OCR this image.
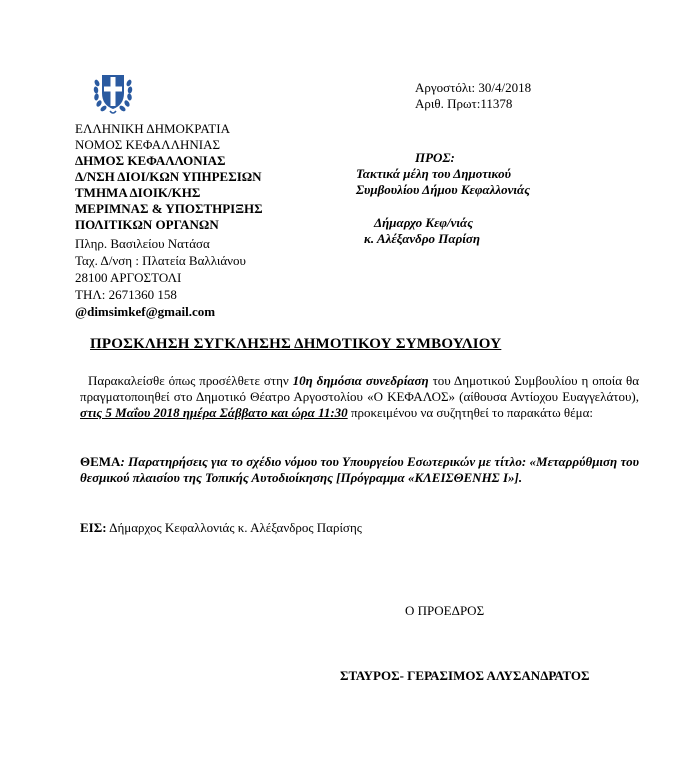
Αργοστόλι: 30/4/2018
Αριθ. Πρωτ:11378
ΕΛΛΗΝΙΚΗ ΔΗΜΟΚΡΑΤΙΑ
ΝΟΜΟΣ ΚΕΦΑΛΛΗΝΙΑΣ
ΔΗΜΟΣ ΚΕΦΑΛΛΟΝΙΑΣ
Δ/ΝΣΗ ΔΙΟΙ/ΚΩΝ ΥΠΗΡΕΣΙΩΝ
ΤΜΗΜΑ ΔΙΟΙΚ/ΚΗΣ
ΜΕΡΙΜΝΑΣ & ΥΠΟΣΤΗΡΙΞΗΣ
ΠΟΛΙΤΙΚΩΝ ΟΡΓΑΝΩΝ
Πληρ. Βασιλείου Νατάσα
Ταχ. Δ/νση : Πλατεία Βαλλιάνου
28100 ΑΡΓΟΣΤΟΛΙ
ΤΗΛ: 2671360 158
@dimsimkef@gmail.com
ΠΡΟΣ:
Τακτικά μέλη του Δημοτικού
Συμβουλίου Δήμου Κεφαλλονιάς
Δήμαρχο Κεφ/νιάς
κ. Αλέξανδρο Παρίση
ΠΡΟΣΚΛΗΣΗ ΣΥΓΚΛΗΣΗΣ ΔΗΜΟΤΙΚΟΥ ΣΥΜΒΟΥΛΙΟΥ
Παρακαλείσθε όπως προσέλθετε στην 10η δημόσια συνεδρίαση του Δημοτικού Συμβουλίου η οποία θα πραγματοποιηθεί στο Δημοτικό Θέατρο Αργοστολίου «Ο ΚΕΦΑΛΟΣ» (αίθουσα Αντίοχου Ευαγγελάτου), στις 5 Μαΐου 2018 ημέρα Σάββατο και ώρα 11:30 προκειμένου να συζητηθεί το παρακάτω θέμα:
ΘΕΜΑ: Παρατηρήσεις για το σχέδιο νόμου του Υπουργείου Εσωτερικών με τίτλο: «Μεταρρύθμιση του θεσμικού πλαισίου της Τοπικής Αυτοδιοίκησης [Πρόγραμμα «ΚΛΕΙΣΘΕΝΗΣ Ι»].
ΕΙΣ: Δήμαρχος Κεφαλλονιάς κ. Αλέξανδρος Παρίσης
Ο ΠΡΟΕΔΡΟΣ
ΣΤΑΥΡΟΣ- ΓΕΡΑΣΙΜΟΣ ΑΛΥΣΑΝΔΡΑΤΟΣ
